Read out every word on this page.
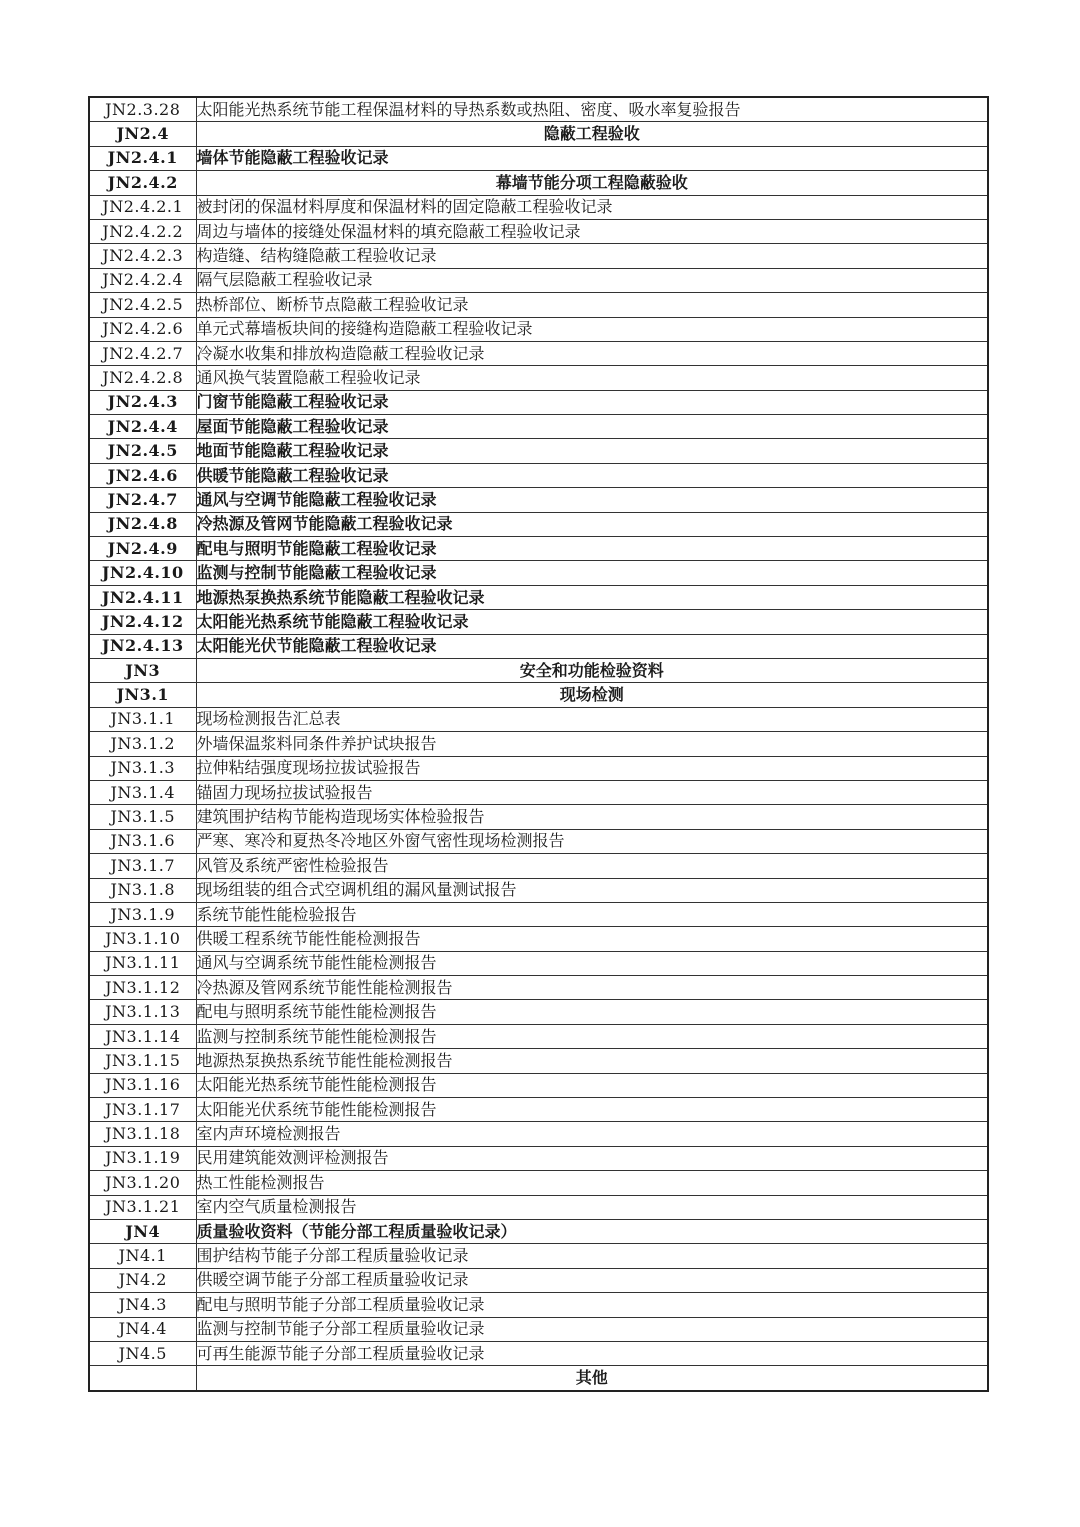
JN2.3.28	太阳能光热系统节能工程保温材料的导热系数或热阻、密度、吸水率复验报告
JN2.4	隐蔽工程验收
JN2.4.1	墙体节能隐蔽工程验收记录
JN2.4.2	幕墙节能分项工程隐蔽验收
JN2.4.2.1	被封闭的保温材料厚度和保温材料的固定隐蔽工程验收记录
JN2.4.2.2	周边与墙体的接缝处保温材料的填充隐蔽工程验收记录
JN2.4.2.3	构造缝、结构缝隐蔽工程验收记录
JN2.4.2.4	隔气层隐蔽工程验收记录
JN2.4.2.5	热桥部位、断桥节点隐蔽工程验收记录
JN2.4.2.6	单元式幕墙板块间的接缝构造隐蔽工程验收记录
JN2.4.2.7	冷凝水收集和排放构造隐蔽工程验收记录
JN2.4.2.8	通风换气装置隐蔽工程验收记录
JN2.4.3	门窗节能隐蔽工程验收记录
JN2.4.4	屋面节能隐蔽工程验收记录
JN2.4.5	地面节能隐蔽工程验收记录
JN2.4.6	供暖节能隐蔽工程验收记录
JN2.4.7	通风与空调节能隐蔽工程验收记录
JN2.4.8	冷热源及管网节能隐蔽工程验收记录
JN2.4.9	配电与照明节能隐蔽工程验收记录
JN2.4.10	监测与控制节能隐蔽工程验收记录
JN2.4.11	地源热泵换热系统节能隐蔽工程验收记录
JN2.4.12	太阳能光热系统节能隐蔽工程验收记录
JN2.4.13	太阳能光伏节能隐蔽工程验收记录
JN3	安全和功能检验资料
JN3.1	现场检测
JN3.1.1	现场检测报告汇总表
JN3.1.2	外墙保温浆料同条件养护试块报告
JN3.1.3	拉伸粘结强度现场拉拔试验报告
JN3.1.4	锚固力现场拉拔试验报告
JN3.1.5	建筑围护结构节能构造现场实体检验报告
JN3.1.6	严寒、寒冷和夏热冬冷地区外窗气密性现场检测报告
JN3.1.7	风管及系统严密性检验报告
JN3.1.8	现场组装的组合式空调机组的漏风量测试报告
JN3.1.9	系统节能性能检验报告
JN3.1.10	供暖工程系统节能性能检测报告
JN3.1.11	通风与空调系统节能性能检测报告
JN3.1.12	冷热源及管网系统节能性能检测报告
JN3.1.13	配电与照明系统节能性能检测报告
JN3.1.14	监测与控制系统节能性能检测报告
JN3.1.15	地源热泵换热系统节能性能检测报告
JN3.1.16	太阳能光热系统节能性能检测报告
JN3.1.17	太阳能光伏系统节能性能检测报告
JN3.1.18	室内声环境检测报告
JN3.1.19	民用建筑能效测评检测报告
JN3.1.20	热工性能检测报告
JN3.1.21	室内空气质量检测报告
JN4	质量验收资料（节能分部工程质量验收记录）
JN4.1	围护结构节能子分部工程质量验收记录
JN4.2	供暖空调节能子分部工程质量验收记录
JN4.3	配电与照明节能子分部工程质量验收记录
JN4.4	监测与控制节能子分部工程质量验收记录
JN4.5	可再生能源节能子分部工程质量验收记录
	其他
